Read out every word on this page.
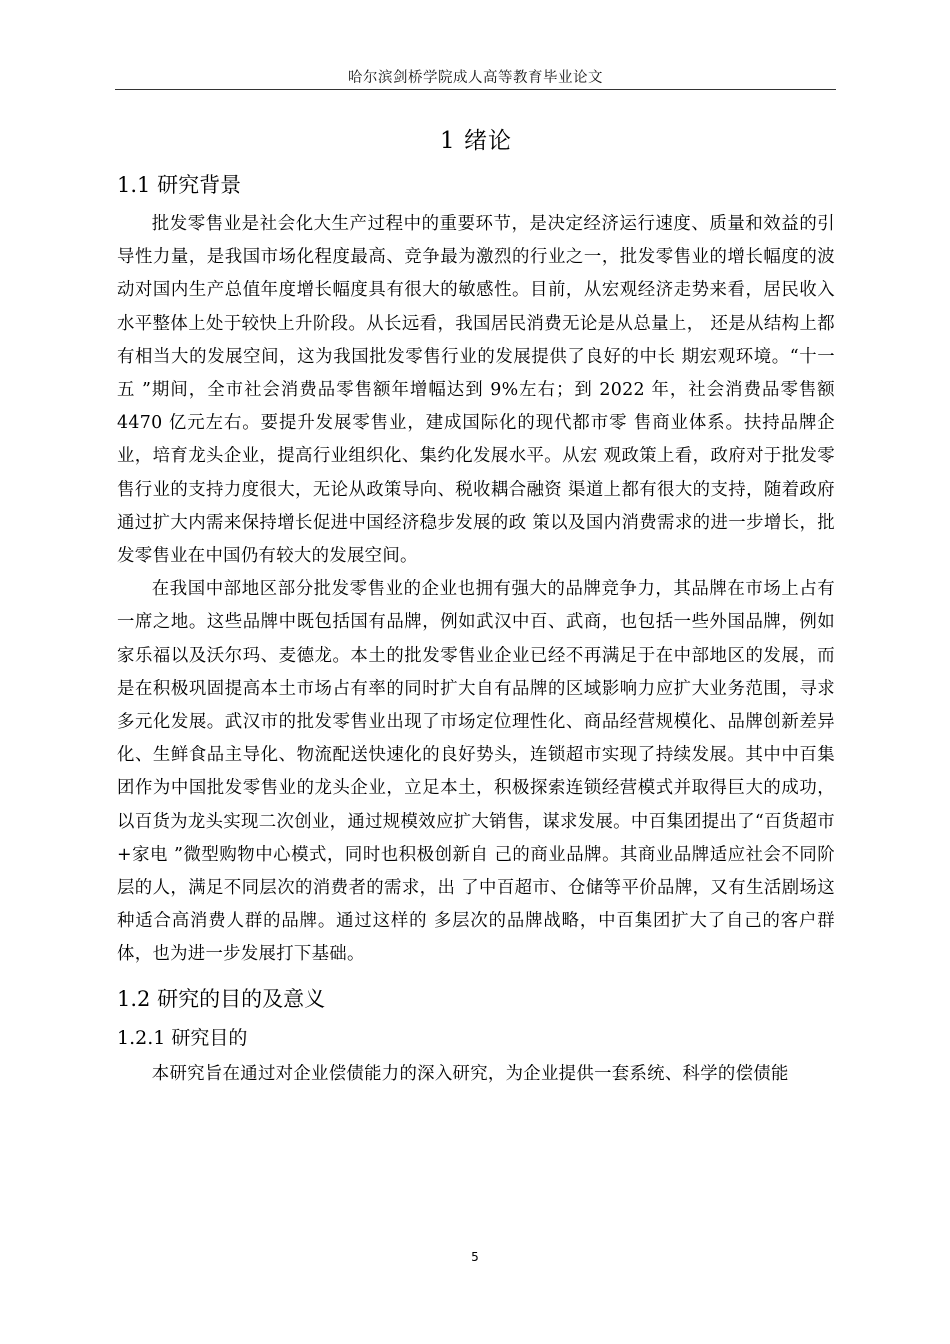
哈尔滨剑桥学院成人高等教育毕业论文
1 绪论
1.1 研究背景

批发零售业是社会化大生产过程中的重要环节，是决定经济运行速度、质量和效益的引导性力量，是我国市场化程度最高、竞争最为激烈的行业之一，批发零售业的增长幅度的波动对国内生产总值年度增长幅度具有很大的敏感性。目前，从宏观经济走势来看，居民收入水平整体上处于较快上升阶段。从长远看，我国居民消费无论是从总量上， 还是从结构上都有相当大的发展空间，这为我国批发零售行业的发展提供了良好的中长 期宏观环境。“十一五 ”期间，全市社会消费品零售额年增幅达到 9%左右；到 2022 年，社会消费品零售额 4470 亿元左右。要提升发展零售业，建成国际化的现代都市零 售商业体系。扶持品牌企业，培育龙头企业，提高行业组织化、集约化发展水平。从宏 观政策上看，政府对于批发零售行业的支持力度很大，无论从政策导向、税收耦合融资 渠道上都有很大的支持，随着政府通过扩大内需来保持增长促进中国经济稳步发展的政 策以及国内消费需求的进一步增长，批发零售业在中国仍有较大的发展空间。

在我国中部地区部分批发零售业的企业也拥有强大的品牌竞争力，其品牌在市场上占有一席之地。这些品牌中既包括国有品牌，例如武汉中百、武商，也包括一些外国品牌，例如家乐福以及沃尔玛、麦德龙。本土的批发零售业企业已经不再满足于在中部地区的发展，而是在积极巩固提高本土市场占有率的同时扩大自有品牌的区域影响力应扩大业务范围，寻求多元化发展。武汉市的批发零售业出现了市场定位理性化、商品经营规模化、品牌创新差异化、生鲜食品主导化、物流配送快速化的良好势头，连锁超市实现了持续发展。其中中百集团作为中国批发零售业的龙头企业，立足本土，积极探索连锁经营模式并取得巨大的成功，以百货为龙头实现二次创业，通过规模效应扩大销售，谋求发展。中百集团提出了“百货超市+家电 ”微型购物中心模式，同时也积极创新自 己的商业品牌。其商业品牌适应社会不同阶层的人，满足不同层次的消费者的需求，出 了中百超市、仓储等平价品牌，又有生活剧场这种适合高消费人群的品牌。通过这样的 多层次的品牌战略，中百集团扩大了自己的客户群体，也为进一步发展打下基础。

1.2 研究的目的及意义
1.2.1 研究目的

本研究旨在通过对企业偿债能力的深入研究，为企业提供一套系统、科学的偿债能

5
